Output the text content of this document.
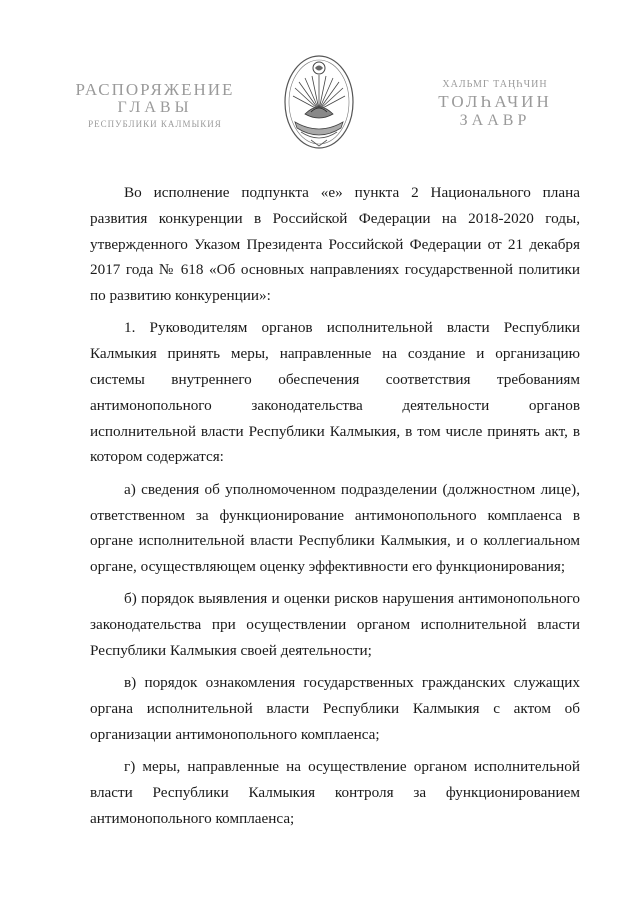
РАСПОРЯЖЕНИЕ
ГЛАВЫ
РЕСПУБЛИКИ КАЛМЫКИЯ
ХАЛЬМГ ТАҢҺЧИН
ТОЛҺАЧИН
ЗААВР

Во исполнение подпункта «е» пункта 2 Национального плана развития конкуренции в Российской Федерации на 2018-2020 годы, утвержденного Указом Президента Российской Федерации от 21 декабря 2017 года № 618 «Об основных направлениях государственной политики по развитию конкуренции»:

1. Руководителям органов исполнительной власти Республики Калмыкия принять меры, направленные на создание и организацию системы внутреннего обеспечения соответствия требованиям антимонопольного законодательства деятельности органов исполнительной власти Республики Калмыкия, в том числе принять акт, в котором содержатся:

а) сведения об уполномоченном подразделении (должностном лице), ответственном за функционирование антимонопольного комплаенса в органе исполнительной власти Республики Калмыкия, и о коллегиальном органе, осуществляющем оценку эффективности его функционирования;

б) порядок выявления и оценки рисков нарушения антимонопольного законодательства при осуществлении органом исполнительной власти Республики Калмыкия своей деятельности;

в) порядок ознакомления государственных гражданских служащих органа исполнительной власти Республики Калмыкия с актом об организации антимонопольного комплаенса;

г) меры, направленные на осуществление органом исполнительной власти Республики Калмыкия контроля за функционированием антимонопольного комплаенса;
